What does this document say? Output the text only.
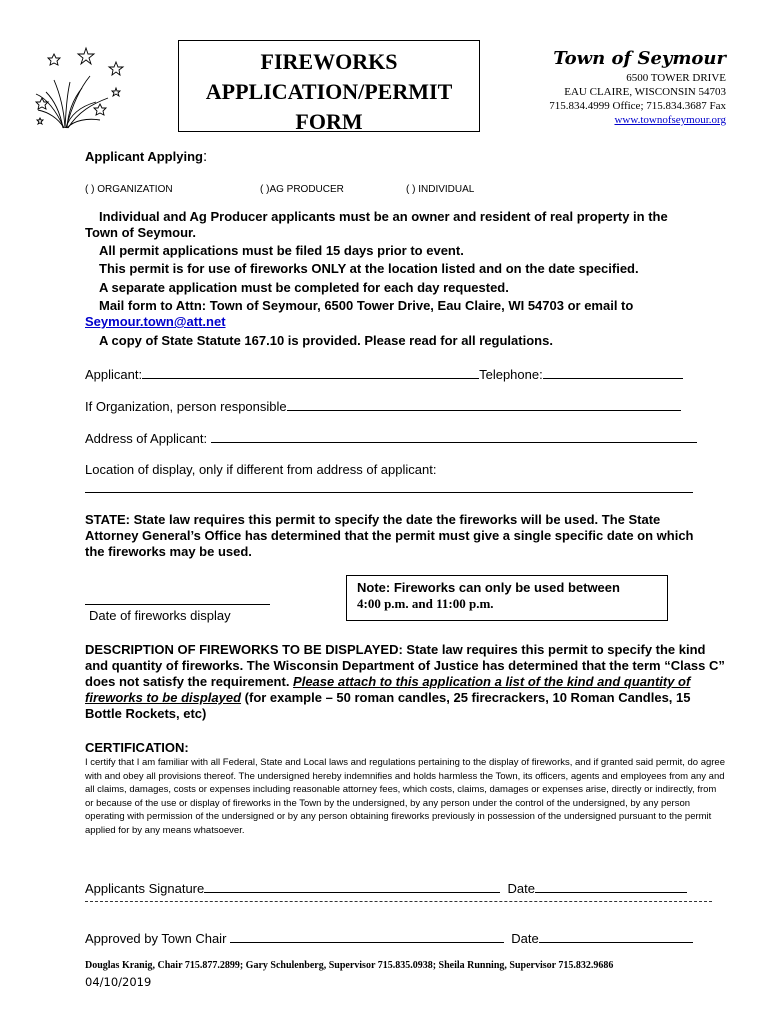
FIREWORKS
APPLICATION/PERMIT
FORM
Town of Seymour
6500 TOWER DRIVE
EAU CLAIRE, WISCONSIN 54703
715.834.4999 Office; 715.834.3687 Fax
www.townofseymour.org
Applicant Applying:
( ) ORGANIZATION	( )AG PRODUCER	( ) INDIVIDUAL
Individual and Ag Producer applicants must be an owner and resident of real property in the
Town of Seymour.
All permit applications must be filed 15 days prior to event.
This permit is for use of fireworks ONLY at the location listed and on the date specified.
A separate application must be completed for each day requested.
Mail form to Attn: Town of Seymour, 6500 Tower Drive, Eau Claire, WI 54703 or email to
Seymour.town@att.net
A copy of State Statute 167.10 is provided. Please read for all regulations.
Applicant:	Telephone:
If Organization, person responsible
Address of Applicant:
Location of display, only if different from address of applicant:
STATE: State law requires this permit to specify the date the fireworks will be used. The State Attorney General’s Office has determined that the permit must give a single specific date on which the fireworks may be used.
Note: Fireworks can only be used between
4:00 p.m. and 11:00 p.m.
Date of fireworks display
DESCRIPTION OF FIREWORKS TO BE DISPLAYED: State law requires this permit to specify the kind and quantity of fireworks. The Wisconsin Department of Justice has determined that the term “Class C” does not satisfy the requirement. Please attach to this application a list of the kind and quantity of fireworks to be displayed (for example – 50 roman candles, 25 firecrackers, 10 Roman Candles, 15 Bottle Rockets, etc)
CERTIFICATION:
I certify that I am familiar with all Federal, State and Local laws and regulations pertaining to the display of fireworks, and if granted said permit, do agree with and obey all provisions thereof. The undersigned hereby indemnifies and holds harmless the Town, its officers, agents and employees from any and all claims, damages, costs or expenses including reasonable attorney fees, which costs, claims, damages or expenses arise, directly or indirectly, from or because of the use or display of fireworks in the Town by the undersigned, by any person under the control of the undersigned, by any person operating with permission of the undersigned or by any person obtaining fireworks previously in possession of the undersigned pursuant to the permit applied for by any means whatsoever.
Applicants Signature	Date
Approved by Town Chair	Date
Douglas Kranig, Chair 715.877.2899; Gary Schulenberg, Supervisor 715.835.0938; Sheila Running, Supervisor 715.832.9686
04/10/2019
